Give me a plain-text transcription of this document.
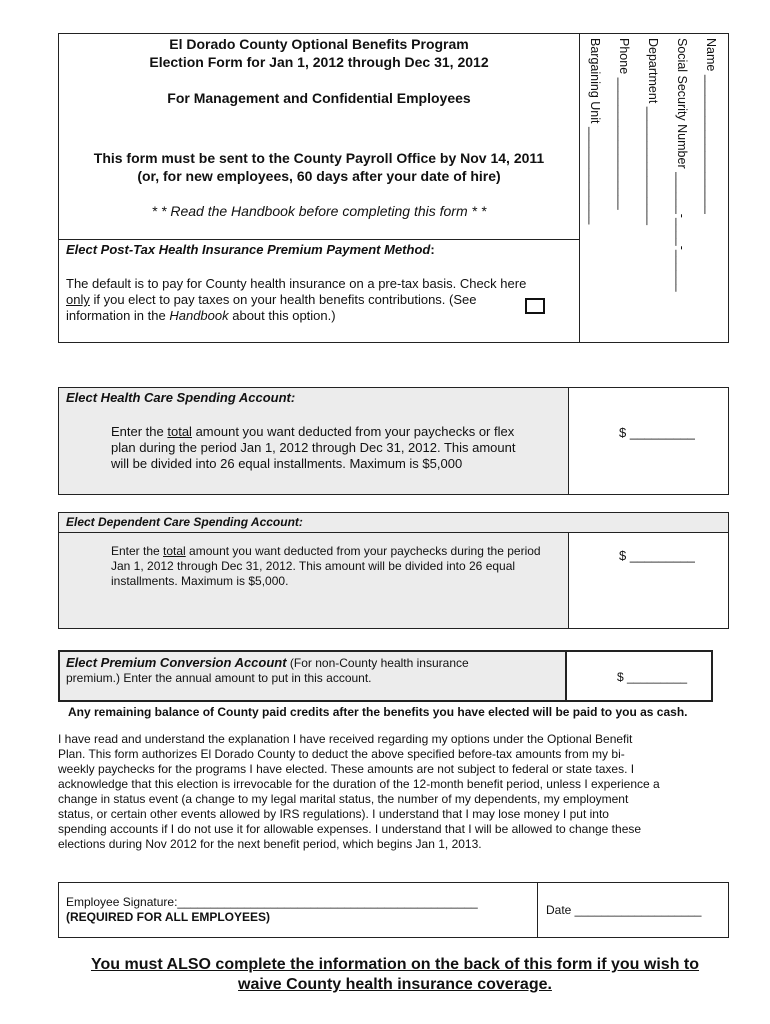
El Dorado County Optional Benefits Program
Election Form for Jan 1, 2012 through Dec 31, 2012
For Management and Confidential Employees
This form must be sent to the County Payroll Office by Nov 14, 2011
(or, for new employees, 60 days after your date of hire)
* * Read the Handbook before completing this form * *	Name ____________________
Social Security Number ______-____-______
Department _________________
Phone ___________________
Bargaining Unit ______________
Elect Post-Tax Health Insurance Premium Payment Method:
The default is to pay for County health insurance on a pre-tax basis. Check here
only if you elect to pay taxes on your health benefits contributions. (See
information in the Handbook about this option.)
Elect Health Care Spending Account:
Enter the total amount you want deducted from your paychecks or flex
plan during the period Jan 1, 2012 through Dec 31, 2012. This amount
will be divided into 26 equal installments. Maximum is $5,000
$ _________
Elect Dependent Care Spending Account:
Enter the total amount you want deducted from your paychecks during the period
Jan 1, 2012 through Dec 31, 2012. This amount will be divided into 26 equal
installments. Maximum is $5,000.
$ _________
Elect Premium Conversion Account (For non-County health insurance
premium.) Enter the annual amount to put in this account.	$ _________
Any remaining balance of County paid credits after the benefits you have elected will be paid to you as cash.
I have read and understand the explanation I have received regarding my options under the Optional Benefit
Plan. This form authorizes El Dorado County to deduct the above specified before-tax amounts from my bi-
weekly paychecks for the programs I have elected. These amounts are not subject to federal or state taxes. I
acknowledge that this election is irrevocable for the duration of the 12-month benefit period, unless I experience a
change in status event (a change to my legal marital status, the number of my dependents, my employment
status, or certain other events allowed by IRS regulations). I understand that I may lose money I put into
spending accounts if I do not use it for allowable expenses. I understand that I will be allowed to change these
elections during Nov 2012 for the next benefit period, which begins Jan 1, 2013.
Employee Signature:_____________________________________________
(REQUIRED FOR ALL EMPLOYEES)	Date ___________________
You must ALSO complete the information on the back of this form if you wish to
waive County health insurance coverage.
